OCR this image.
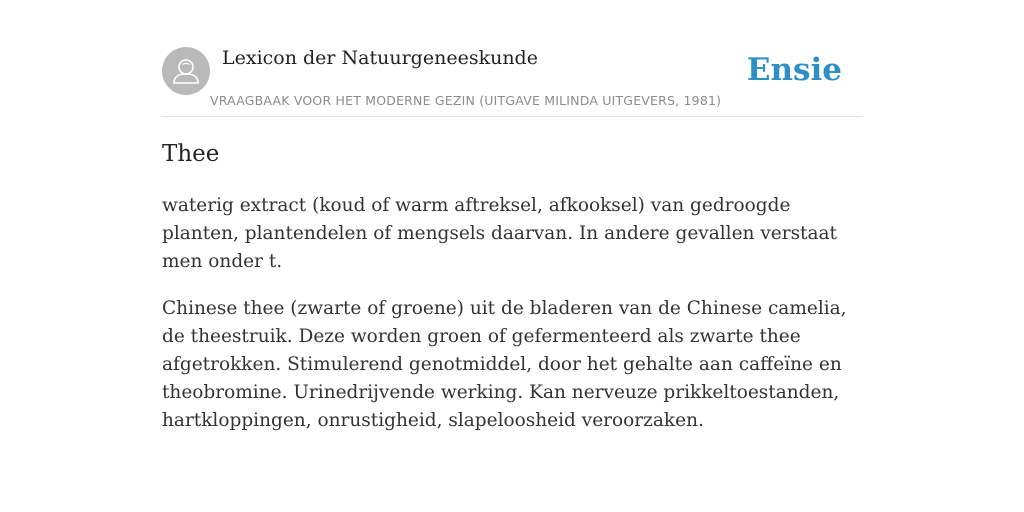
Lexicon der Natuurgeneeskunde
VRAAGBAAK VOOR HET MODERNE GEZIN (UITGAVE MILINDA UITGEVERS, 1981)
Ensie
Thee

waterig extract (koud of warm aftreksel, afkooksel) van gedroogde planten, plantendelen of mengsels daarvan. In andere gevallen verstaat men onder t.

Chinese thee (zwarte of groene) uit de bladeren van de Chinese camelia, de theestruik. Deze worden groen of gefermenteerd als zwarte thee afgetrokken. Stimulerend genotmiddel, door het gehalte aan caffeïne en theobromine. Urinedrijvende werking. Kan nerveuze prikkeltoestanden, hartkloppingen, onrustigheid, slapeloosheid veroorzaken.
